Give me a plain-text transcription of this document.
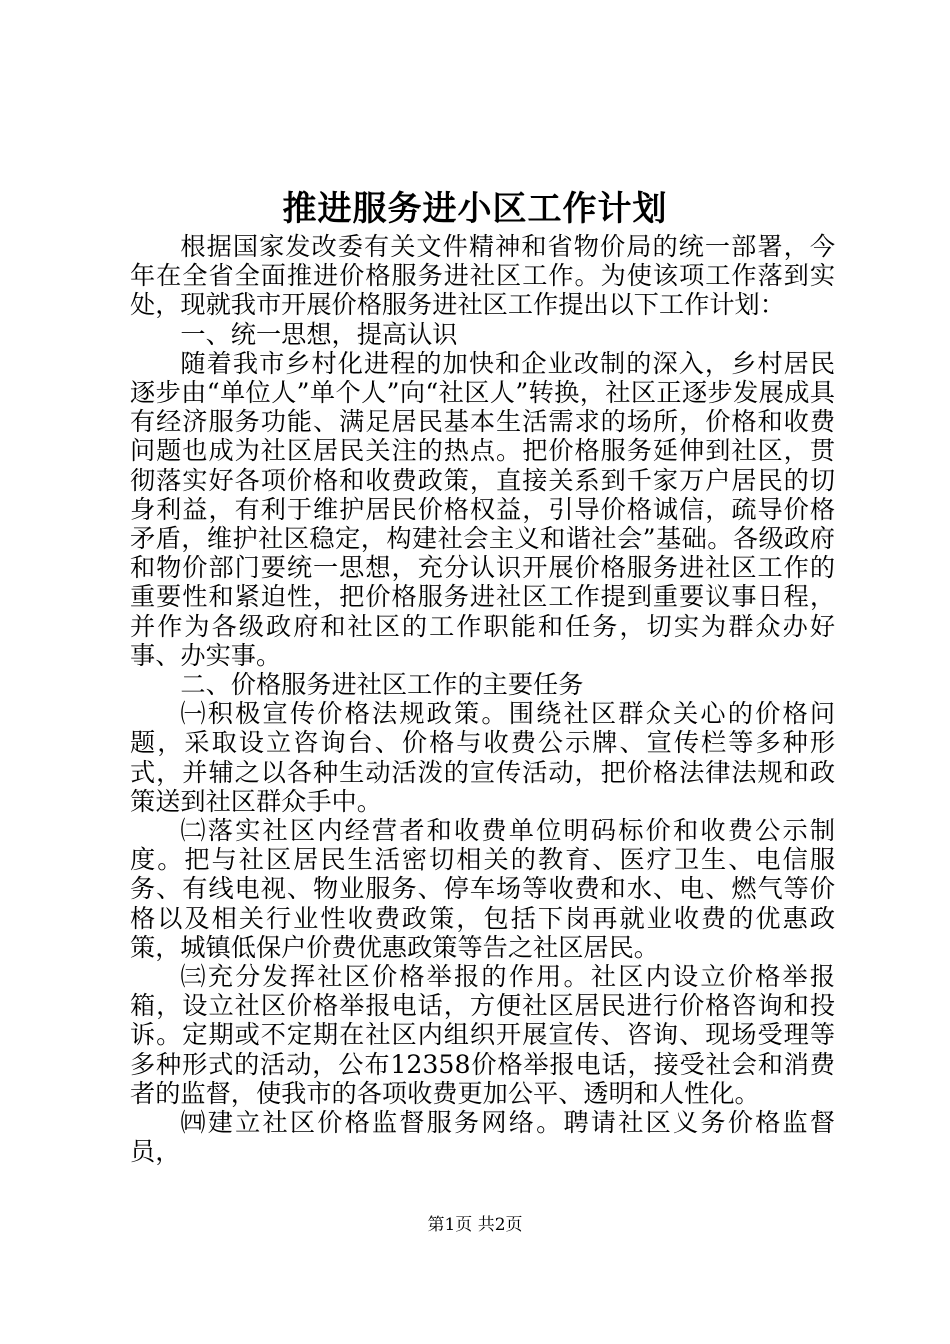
推进服务进小区工作计划

根据国家发改委有关文件精神和省物价局的统一部署，今年在全省全面推进价格服务进社区工作。为使该项工作落到实处，现就我市开展价格服务进社区工作提出以下工作计划：

一、统一思想，提高认识

随着我市乡村化进程的加快和企业改制的深入，乡村居民逐步由“单位人”单个人”向“社区人”转换，社区正逐步发展成具有经济服务功能、满足居民基本生活需求的场所，价格和收费问题也成为社区居民关注的热点。把价格服务延伸到社区，贯彻落实好各项价格和收费政策，直接关系到千家万户居民的切身利益，有利于维护居民价格权益，引导价格诚信，疏导价格矛盾，维护社区稳定，构建社会主义和谐社会”基础。各级政府和物价部门要统一思想，充分认识开展价格服务进社区工作的重要性和紧迫性，把价格服务进社区工作提到重要议事日程，并作为各级政府和社区的工作职能和任务，切实为群众办好事、办实事。

二、价格服务进社区工作的主要任务

㈠积极宣传价格法规政策。围绕社区群众关心的价格问题，采取设立咨询台、价格与收费公示牌、宣传栏等多种形式，并辅之以各种生动活泼的宣传活动，把价格法律法规和政策送到社区群众手中。

㈡落实社区内经营者和收费单位明码标价和收费公示制度。把与社区居民生活密切相关的教育、医疗卫生、电信服务、有线电视、物业服务、停车场等收费和水、电、燃气等价格以及相关行业性收费政策，包括下岗再就业收费的优惠政策，城镇低保户价费优惠政策等告之社区居民。

㈢充分发挥社区价格举报的作用。社区内设立价格举报箱，设立社区价格举报电话，方便社区居民进行价格咨询和投诉。定期或不定期在社区内组织开展宣传、咨询、现场受理等多种形式的活动，公布12358价格举报电话，接受社会和消费者的监督，使我市的各项收费更加公平、透明和人性化。

㈣建立社区价格监督服务网络。聘请社区义务价格监督员，

第1页 共2页
